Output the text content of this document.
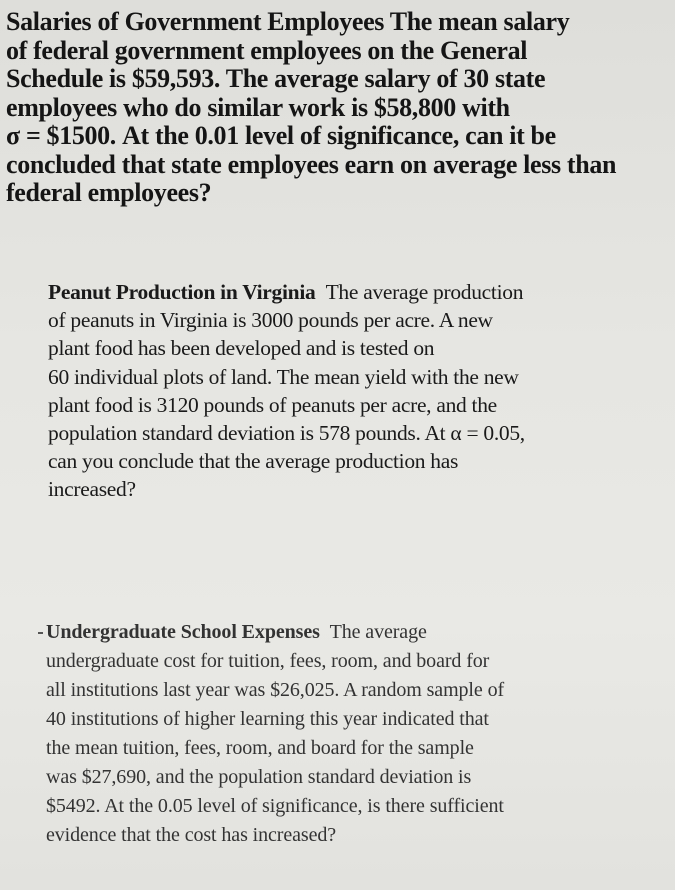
Salaries of Government Employees The mean salary

of federal government employees on the General

Schedule is $59,593. The average salary of 30 state

employees who do similar work is $58,800 with

σ = $1500. At the 0.01 level of significance, can it be

concluded that state employees earn on average less than

federal employees?

Peanut Production in Virginia  The average production

of peanuts in Virginia is 3000 pounds per acre. A new

plant food has been developed and is tested on

60 individual plots of land. The mean yield with the new

plant food is 3120 pounds of peanuts per acre, and the

population standard deviation is 578 pounds. At α = 0.05,

can you conclude that the average production has

increased?

Undergraduate School Expenses  The average

undergraduate cost for tuition, fees, room, and board for

all institutions last year was $26,025. A random sample of

40 institutions of higher learning this year indicated that

the mean tuition, fees, room, and board for the sample

was $27,690, and the population standard deviation is

$5492. At the 0.05 level of significance, is there sufficient

evidence that the cost has increased?
